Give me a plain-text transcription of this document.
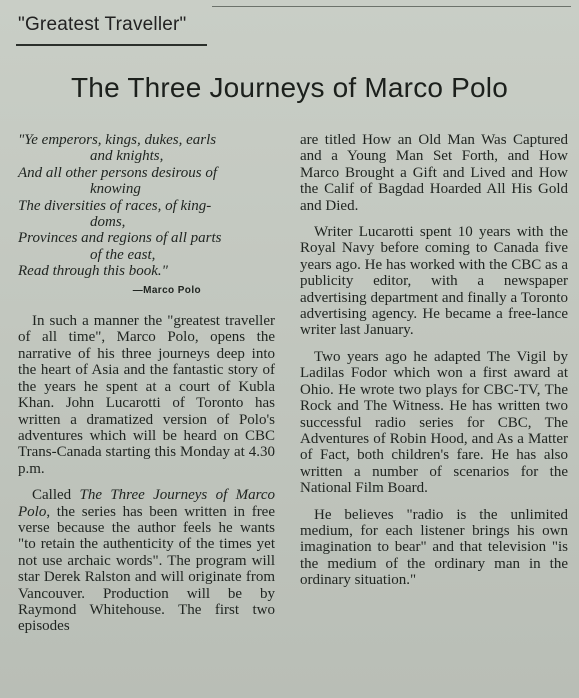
"Greatest Traveller"
The Three Journeys of Marco Polo
"Ye emperors, kings, dukes, earls
and knights,
And all other persons desirous of
knowing
The diversities of races, of king-
doms,
Provinces and regions of all parts
of the east,
Read through this book."
—Marco Polo

In such a manner the "greatest traveller of all time", Marco Polo, opens the narrative of his three journeys deep into the heart of Asia and the fantastic story of the years he spent at a court of Kubla Khan. John Lucarotti of Toronto has written a dramatized version of Polo's adventures which will be heard on CBC Trans-Canada starting this Monday at 4.30 p.m.

Called The Three Journeys of Marco Polo, the series has been written in free verse because the author feels he wants "to retain the authenticity of the times yet not use archaic words". The program will star Derek Ralston and will originate from Vancouver. Production will be by Raymond Whitehouse. The first two episodes

are titled How an Old Man Was Captured and a Young Man Set Forth, and How Marco Brought a Gift and Lived and How the Calif of Bagdad Hoarded All His Gold and Died.

Writer Lucarotti spent 10 years with the Royal Navy before coming to Canada five years ago. He has worked with the CBC as a publicity editor, with a newspaper advertising department and finally a Toronto advertising agency. He became a free-lance writer last January.

Two years ago he adapted The Vigil by Ladilas Fodor which won a first award at Ohio. He wrote two plays for CBC-TV, The Rock and The Witness. He has written two successful radio series for CBC, The Adventures of Robin Hood, and As a Matter of Fact, both children's fare. He has also written a number of scenarios for the National Film Board.

He believes "radio is the unlimited medium, for each listener brings his own imagination to bear" and that television "is the medium of the ordinary man in the ordinary situation."
